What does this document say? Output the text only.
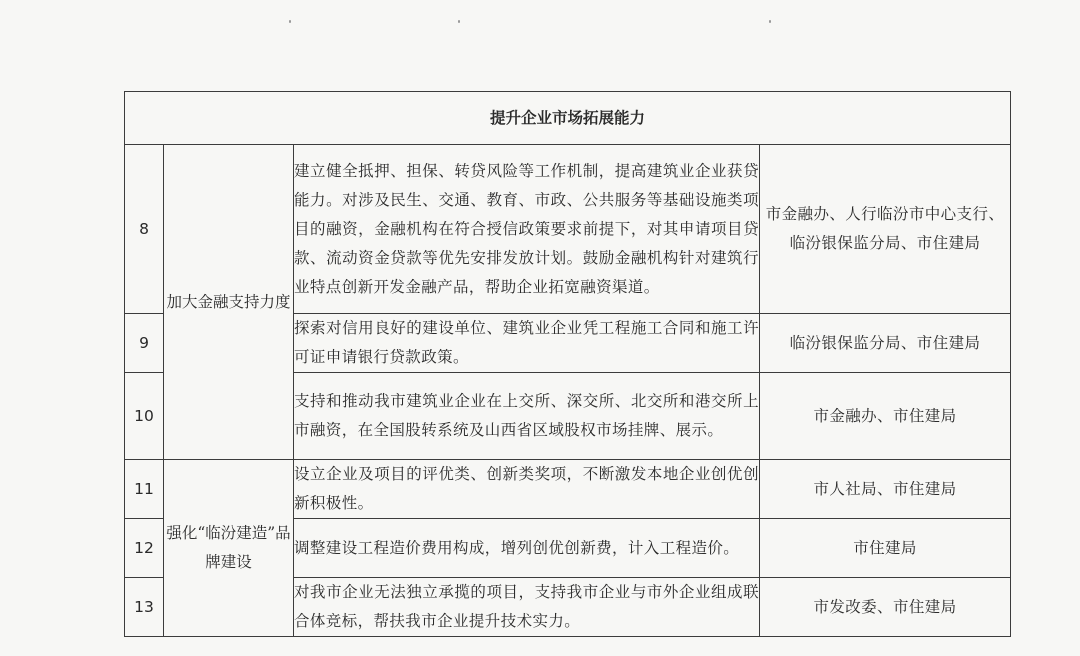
提升企业市场拓展能力			
8	加大金融支持力度	建立健全抵押、担保、转贷风险等工作机制，提高建筑业企业获贷能力。对涉及民生、交通、教育、市政、公共服务等基础设施类项目的融资，金融机构在符合授信政策要求前提下，对其申请项目贷款、流动资金贷款等优先安排发放计划。鼓励金融机构针对建筑行业特点创新开发金融产品，帮助企业拓宽融资渠道。	市金融办、人行临汾市中心支行、临汾银保监分局、市住建局
9		探索对信用良好的建设单位、建筑业企业凭工程施工合同和施工许可证申请银行贷款政策。	临汾银保监分局、市住建局
10		支持和推动我市建筑业企业在上交所、深交所、北交所和港交所上市融资，在全国股转系统及山西省区域股权市场挂牌、展示。	市金融办、市住建局
11	强化“临汾建造”品牌建设	设立企业及项目的评优类、创新类奖项，不断激发本地企业创优创新积极性。	市人社局、市住建局
12		调整建设工程造价费用构成，增列创优创新费，计入工程造价。	市住建局
13		对我市企业无法独立承揽的项目，支持我市企业与市外企业组成联合体竞标，帮扶我市企业提升技术实力。	市发改委、市住建局
